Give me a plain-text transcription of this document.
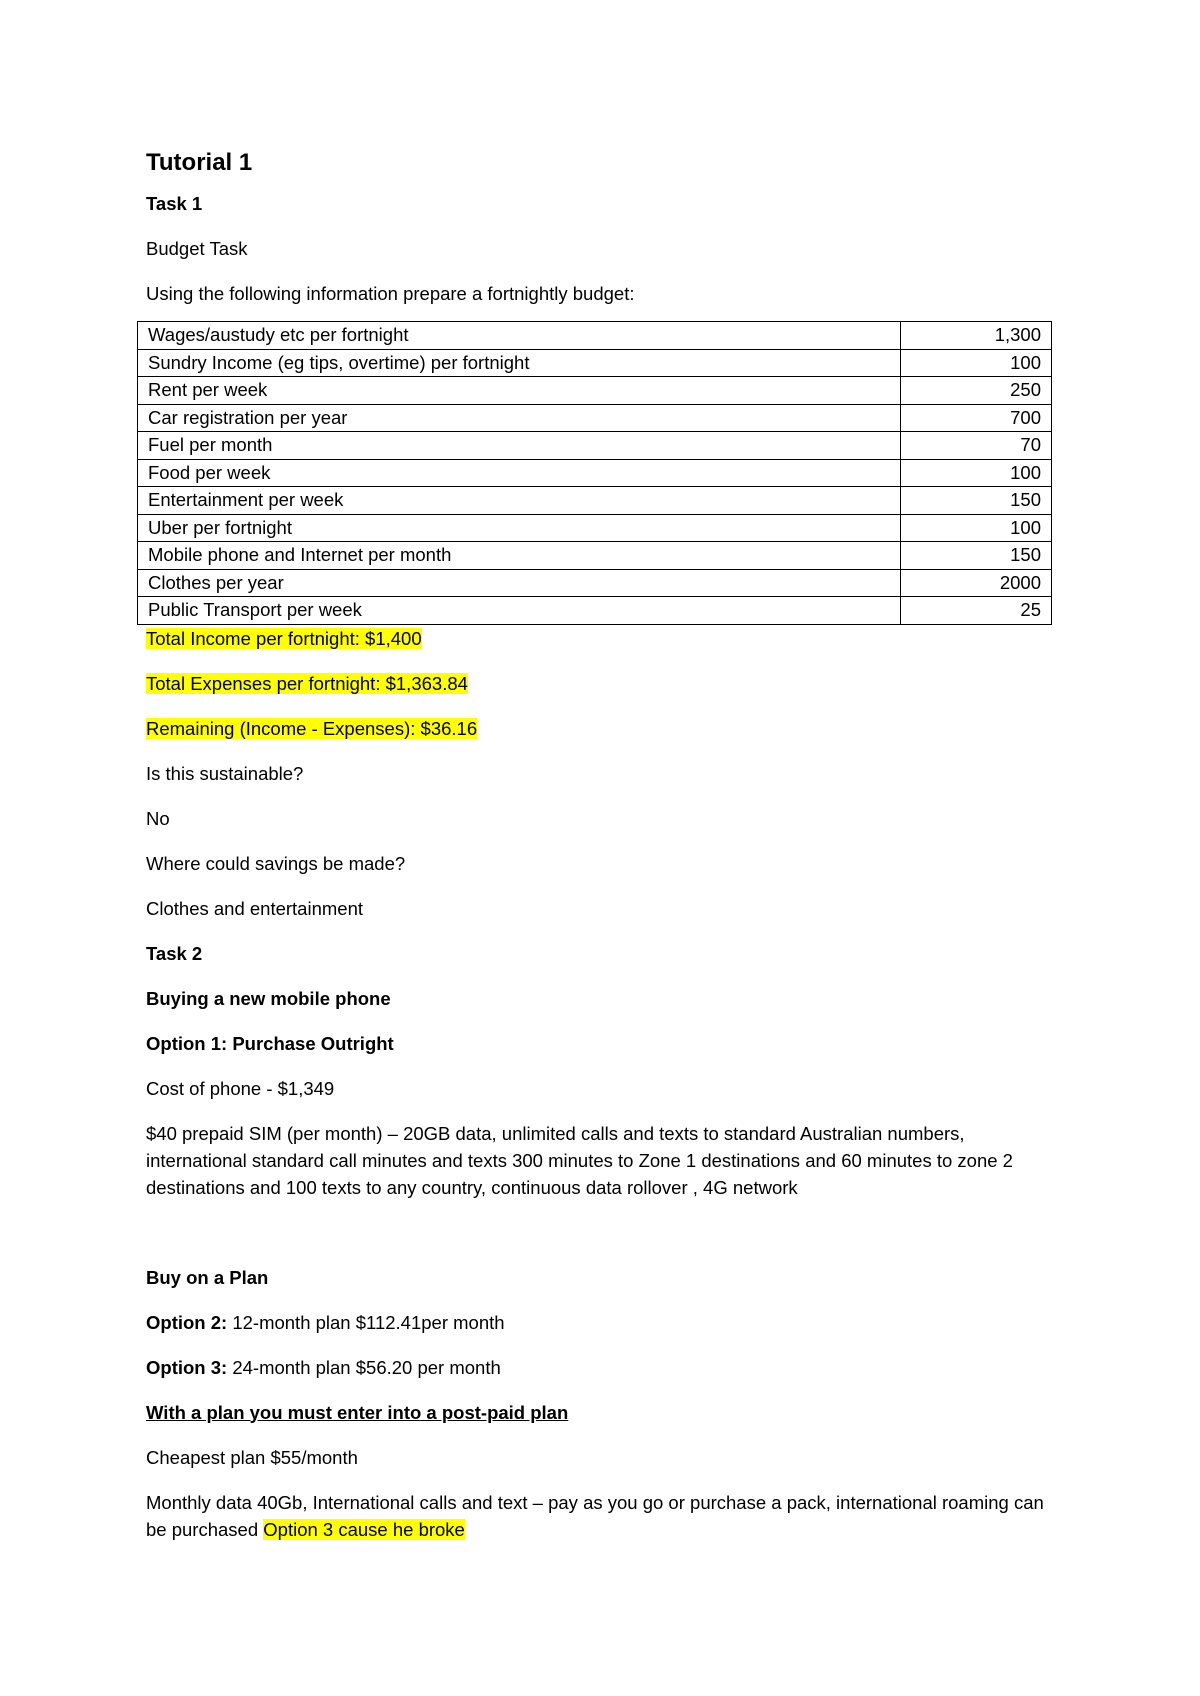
Tutorial 1

Task 1

Budget Task

Using the following information prepare a fortnightly budget:

Wages/austudy etc per fortnight	1,300
Sundry Income (eg tips, overtime) per fortnight	100
Rent per week	250
Car registration per year	700
Fuel per month	70
Food per week	100
Entertainment per week	150
Uber per fortnight	100
Mobile phone and Internet per month	150
Clothes per year	2000
Public Transport per week	25

Total Income per fortnight: $1,400

Total Expenses per fortnight: $1,363.84

Remaining (Income - Expenses): $36.16

Is this sustainable?

No

Where could savings be made?

Clothes and entertainment

Task 2

Buying a new mobile phone

Option 1: Purchase Outright

Cost of phone - $1,349

$40 prepaid SIM (per month) – 20GB data, unlimited calls and texts to standard Australian numbers, international standard call minutes and texts 300 minutes to Zone 1 destinations and 60 minutes to zone 2 destinations and 100 texts to any country, continuous data rollover , 4G network

Buy on a Plan

Option 2: 12-month plan $112.41per month

Option 3: 24-month plan $56.20 per month

With a plan you must enter into a post-paid plan

Cheapest plan $55/month

Monthly data 40Gb, International calls and text – pay as you go or purchase a pack, international roaming can be purchased Option 3 cause he broke
